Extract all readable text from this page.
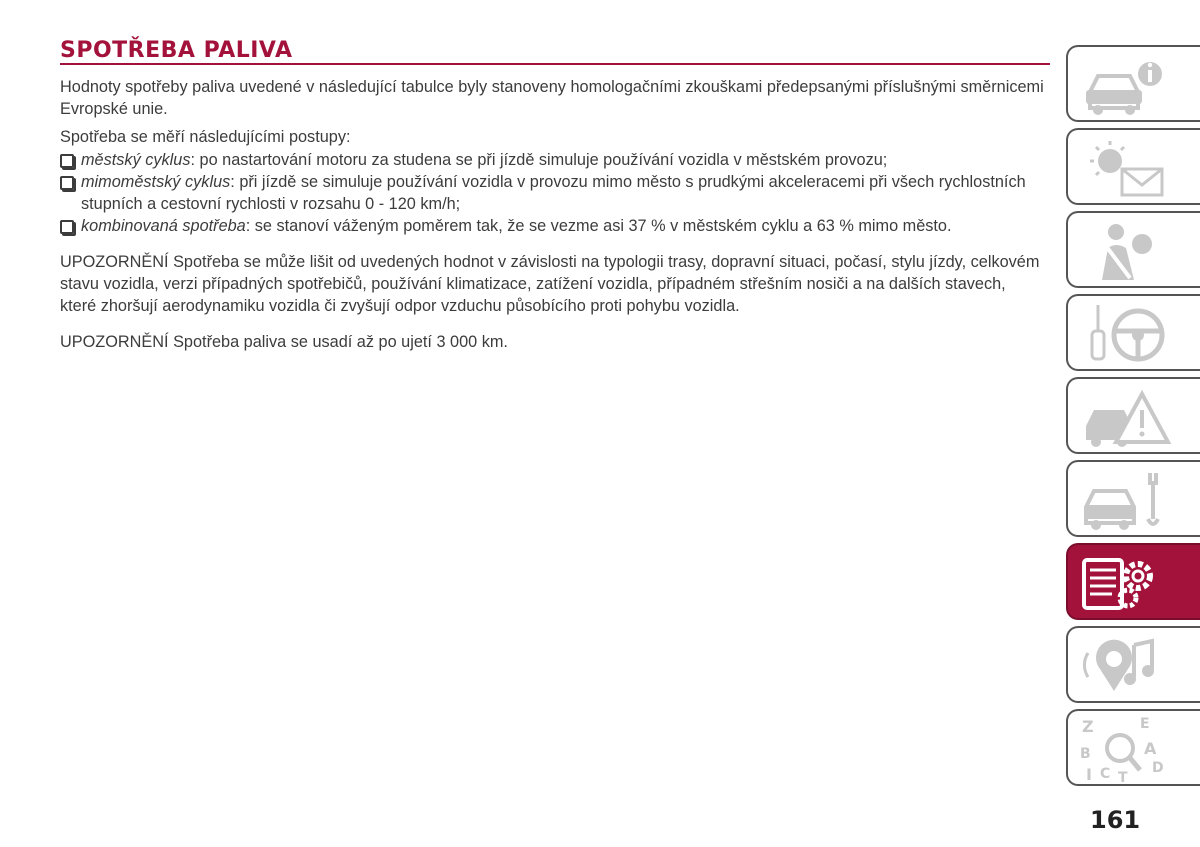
SPOTŘEBA PALIVA

Hodnoty spotřeby paliva uvedené v následující tabulce byly stanoveny homologačními zkouškami předepsanými příslušnými směrnicemi Evropské unie.

Spotřeba se měří následujícími postupy:

městský cyklus: po nastartování motoru za studena se při jízdě simuluje používání vozidla v městském provozu;
mimoměstský cyklus: při jízdě se simuluje používání vozidla v provozu mimo město s prudkými akceleracemi při všech rychlostních stupních a cestovní rychlosti v rozsahu 0 - 120 km/h;
kombinovaná spotřeba: se stanoví váženým poměrem tak, že se vezme asi 37 % v městském cyklu a 63 % mimo město.

UPOZORNĚNÍ Spotřeba se může lišit od uvedených hodnot v závislosti na typologii trasy, dopravní situaci, počasí, stylu jízdy, celkovém stavu vozidla, verzi případných spotřebičů, používání klimatizace, zatížení vozidla, případném střešním nosiči a na dalších stavech, které zhoršují aerodynamiku vozidla či zvyšují odpor vzduchu působícího proti pohybu vozidla.

UPOZORNĚNÍ Spotřeba paliva se usadí až po ujetí 3 000 km.

Z	E
B	A
I C T
D
161
